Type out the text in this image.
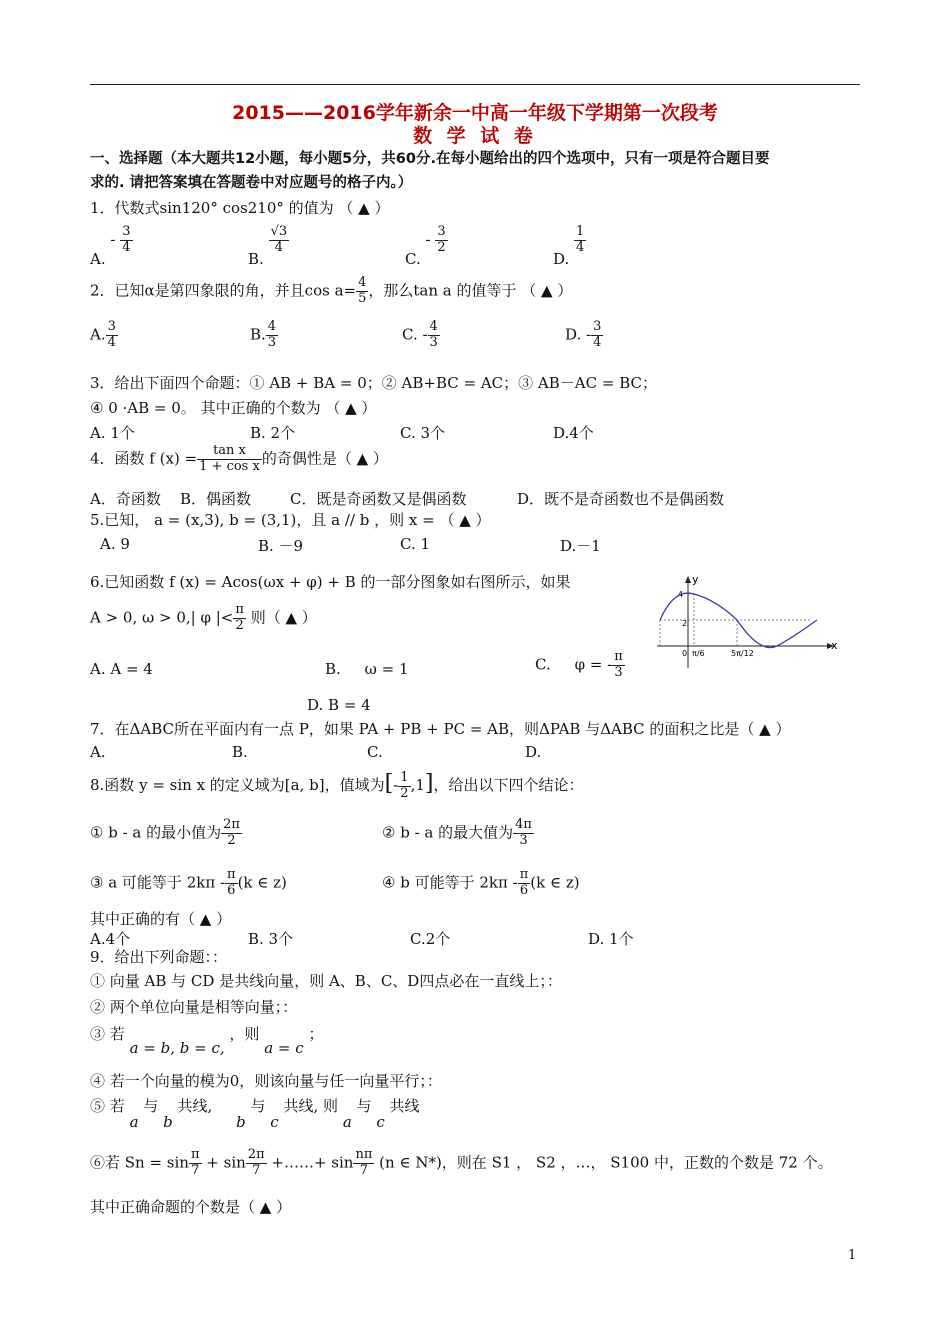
2015——2016学年新余一中高一年级下学期第一次段考
数 学 试 卷
一、选择题（本大题共12小题，每小题5分，共60分.在每小题给出的四个选项中，只有一项是符合题目要
求的. 请把答案填在答题卷中对应题号的格子内。）
1．代数式sin120° cos210° 的值为 （ ▲ ）
A. - $\frac{3}{4}$
B.
$\frac{√3}{4}$
C. - $\frac{3}{2}$
D.
$\frac{1}{4}$
2．已知α是第四象限的角，并且$\cos a= \frac{4}{5}$ ，那么tan a 的值等于 （ ▲ ）
A. $\frac{3}{4}$	B. $\frac{4}{3}$	C. - $\frac{4}{3}$	D. - $\frac{3}{4}$
3．给出下面四个命题：① AB + BA = 0；② AB+BC = AC；③ AB－AC = BC；
④ 0 ·AB = 0。 其中正确的个数为 （ ▲ ）
A. 1个	B. 2个	C. 3个	D.4个
4．函数 f $(x) = \frac{\text{tan x}}{\text{1 + cos x}}$ 的奇偶性是（ ▲ ）
A．奇函数 B．偶函数	C．既是奇函数又是偶函数	D．既不是奇函数也不是偶函数
5.已知， a = (x,3), b = (3,1)，且 a // b ，则 x = （ ▲ ）
A. 9	B. －9	C. 1	D.－1
6.已知函数 f (x) = Acos(ωx + φ) + B 的一部分图象如右图所示，如果
A > 0, ω > 0,| φ |< $\frac{\pi}{2}$ 则（ ▲ ）
A. A = 4	B. ω = 1	C. φ = - $\frac{\pi}{3}$
D. B = 4
y
x
4
2
0 π/6	5π/12
7．在ΔABC所在平面内有一点 P，如果 PA + PB + PC = AB，则ΔPAB 与ΔABC 的面积之比是（ ▲ ）
A.	B.	C.	D.
8.函数 y = sin x 的定义域为[a, b]，值域为[- $\frac{1}{2} ,1$]，给出以下四个结论：
① b - a 的最小值为 $\frac{2\pi}{2}$	② b - a 的最大值为 $\frac{4\pi}{3}$
③ a 可能等于 $2k\pi - \frac{\pi}{6} (k$ ∈ z)	④ b 可能等于 $2k\pi - \frac{\pi}{6} (k$ ∈ z)
其中正确的有（ ▲ ）
A.4个	B. 3个	C.2个	D. 1个
9．给出下列命题：：
① 向量 AB 与 CD 是共线向量，则 A、B、C、D四点必在一直线上；：
② 两个单位向量是相等向量；：
③ 若 a = b, b = c, ，则 a = c ；
④ 若一个向量的模为0，则该向量与任一向量平行；：
⑤ 若 a 与 b 共线,     b 与 c 共线, 则 a 与 c 共线
⑥若 $Sn = \sin \frac{\pi}{7} + \sin \frac{2\pi}{7}$ +……+ $\sin \frac{n\pi}{7} (n$ ∈ N*)，则在 S1 ， S2 ，…， S100 中，正数的个数是 72 个。
其中正确命题的个数是（ ▲ ）
1
